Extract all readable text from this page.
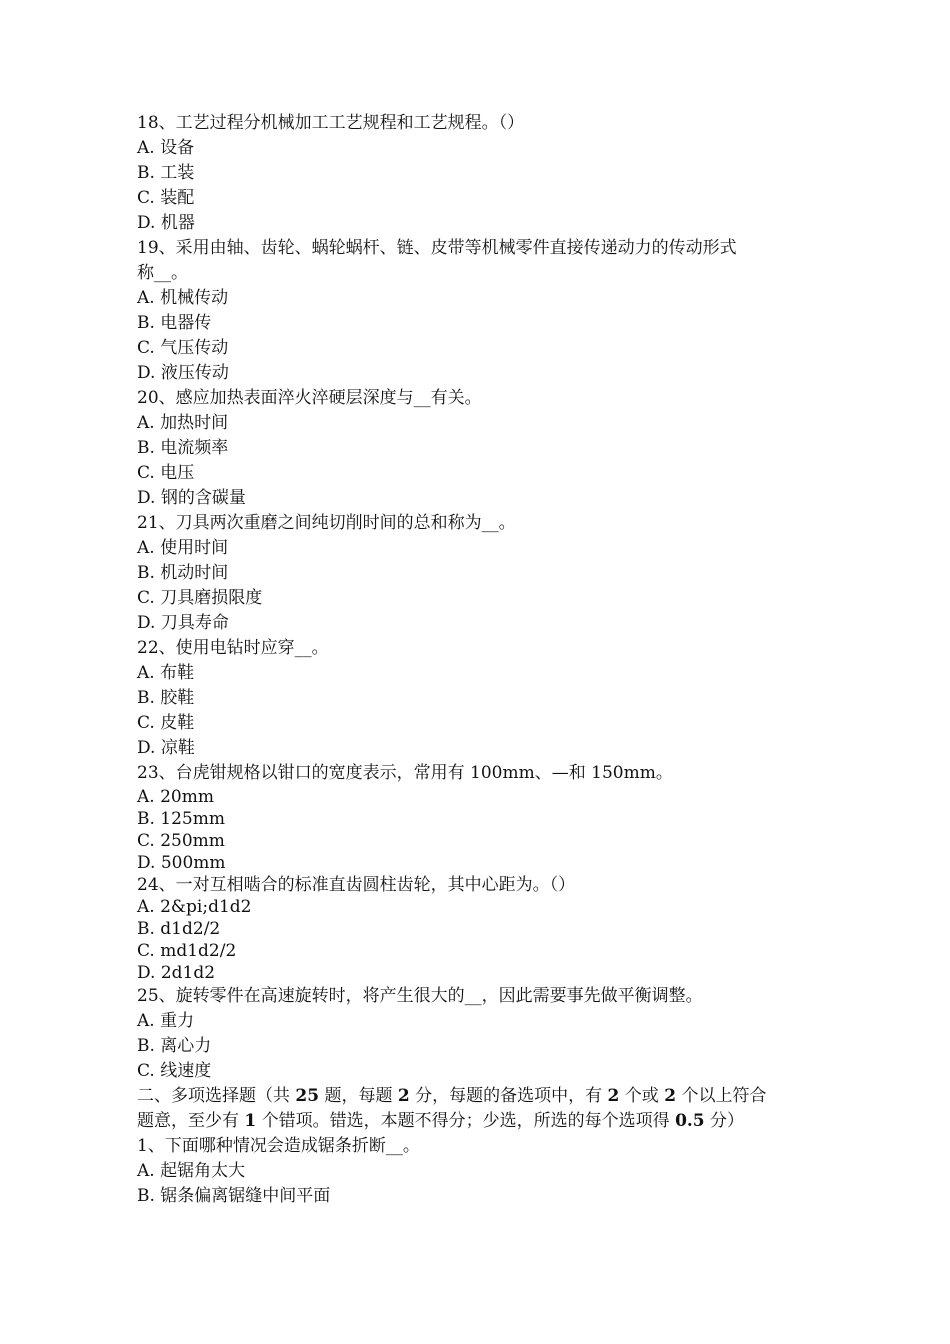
18、工艺过程分机械加工工艺规程和工艺规程。（）
A. 设备
B. 工装
C. 装配
D. 机器
19、采用由轴、齿轮、蜗轮蜗杆、链、皮带等机械零件直接传递动力的传动形式
称__。
A. 机械传动
B. 电器传
C. 气压传动
D. 液压传动
20、感应加热表面淬火淬硬层深度与__有关。
A. 加热时间
B. 电流频率
C. 电压
D. 钢的含碳量
21、刀具两次重磨之间纯切削时间的总和称为__。
A. 使用时间
B. 机动时间
C. 刀具磨损限度
D. 刀具寿命
22、使用电钻时应穿__。
A. 布鞋
B. 胶鞋
C. 皮鞋
D. 凉鞋
23、台虎钳规格以钳口的宽度表示，常用有 100mm、—和 150mm。
A. 20mm
B. 125mm
C. 250mm
D. 500mm
24、一对互相啮合的标准直齿圆柱齿轮，其中心距为。（）
A. 2&pi;d1d2
B. d1d2/2
C. md1d2/2
D. 2d1d2
25、旋转零件在高速旋转时，将产生很大的__，因此需要事先做平衡调整。
A. 重力
B. 离心力
C. 线速度
二、多项选择题（共 25 题，每题 2 分，每题的备选项中，有 2 个或 2 个以上符合
题意，至少有 1 个错项。错选，本题不得分；少选，所选的每个选项得 0.5 分）
1、下面哪种情况会造成锯条折断__。
A. 起锯角太大
B. 锯条偏离锯缝中间平面
